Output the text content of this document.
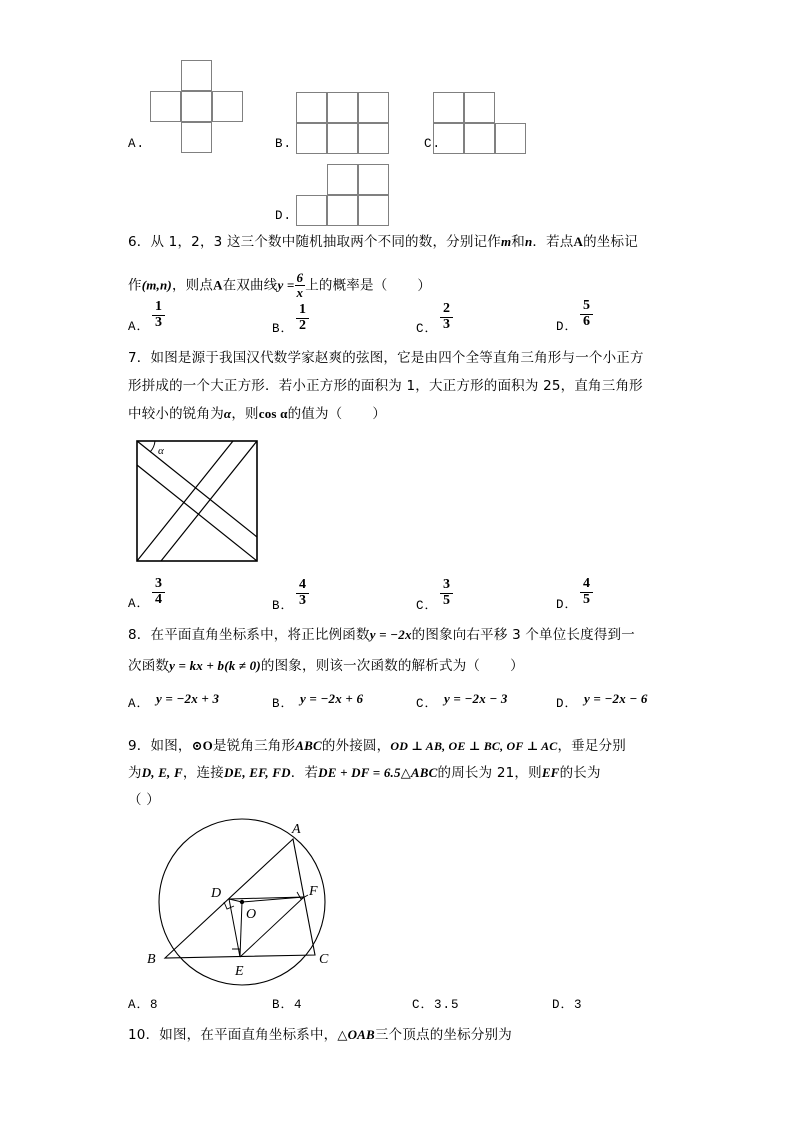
A.	B.	C.
D.
6．从 1，2，3 这三个数中随机抽取两个不同的数，分别记作m和n．若点A的坐标记
作(m,n)，则点A在双曲线$y = \frac{6}{x}$ 上的概率是（ ）
A． $\frac{1}{3}$	B． $\frac{1}{2}$	C． $\frac{2}{3}$	D． $\frac{5}{6}$
7．如图是源于我国汉代数学家赵爽的弦图，它是由四个全等直角三角形与一个小正方
形拼成的一个大正方形．若小正方形的面积为 1，大正方形的面积为 25，直角三角形
中较小的锐角为α，则cos α的值为（ ）
α
A． $\frac{3}{4}$	B． $\frac{4}{3}$	C． $\frac{3}{5}$	D． $\frac{4}{5}$
8．在平面直角坐标系中，将正比例函数y = −2x的图象向右平移 3 个单位长度得到一
次函数y = kx + b(k ≠ 0)的图象，则该一次函数的解析式为（ ）
A． y = −2x + 3	B． y = −2x + 6	C． y = −2x − 3	D． y = −2x − 6
9．如图，⊙O是锐角三角形ABC的外接圆，OD ⊥ AB, OE ⊥ BC, OF ⊥ AC，垂足分别
为D, E, F，连接DE, EF, FD．若DE + DF = 6.5△ABC的周长为 21，则EF的长为
（ ）
A
B	C
D
E
F
O
A．8	B．4	C．3.5	D．3
10．如图，在平面直角坐标系中，△OAB三个顶点的坐标分别为
